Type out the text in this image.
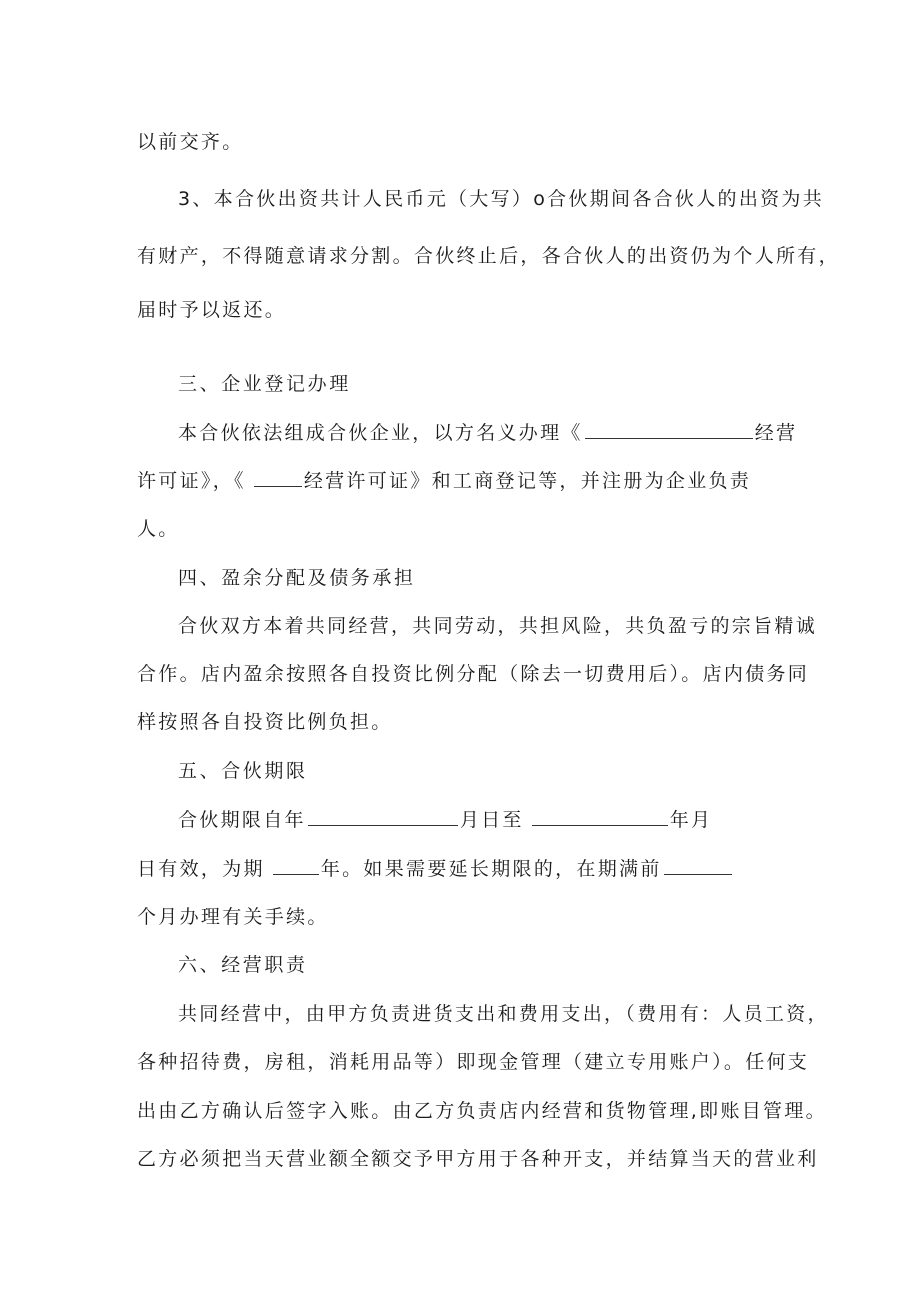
以前交齐。
3、本合伙出资共计人民币元（大写）o合伙期间各合伙人的出资为共
有财产，不得随意请求分割。合伙终止后，各合伙人的出资仍为个人所有，
届时予以返还。
三、企业登记办理
本合伙依法组成合伙企业，以方名义办理《	经营
许可证》，《	经营许可证》和工商登记等，并注册为企业负责
人。
四、盈余分配及债务承担
合伙双方本着共同经营，共同劳动，共担风险，共负盈亏的宗旨精诚
合作。店内盈余按照各自投资比例分配（除去一切费用后）。店内债务同
样按照各自投资比例负担。
五、合伙期限
合伙期限自年	月日至	年月
日有效，为期	年。如果需要延长期限的，在期满前
个月办理有关手续。
六、经营职责
共同经营中，由甲方负责进货支出和费用支出，（费用有：人员工资，
各种招待费，房租，消耗用品等）即现金管理（建立专用账户）。任何支
出由乙方确认后签字入账。由乙方负责店内经营和货物管理,即账目管理。
乙方必须把当天营业额全额交予甲方用于各种开支，并结算当天的营业利
